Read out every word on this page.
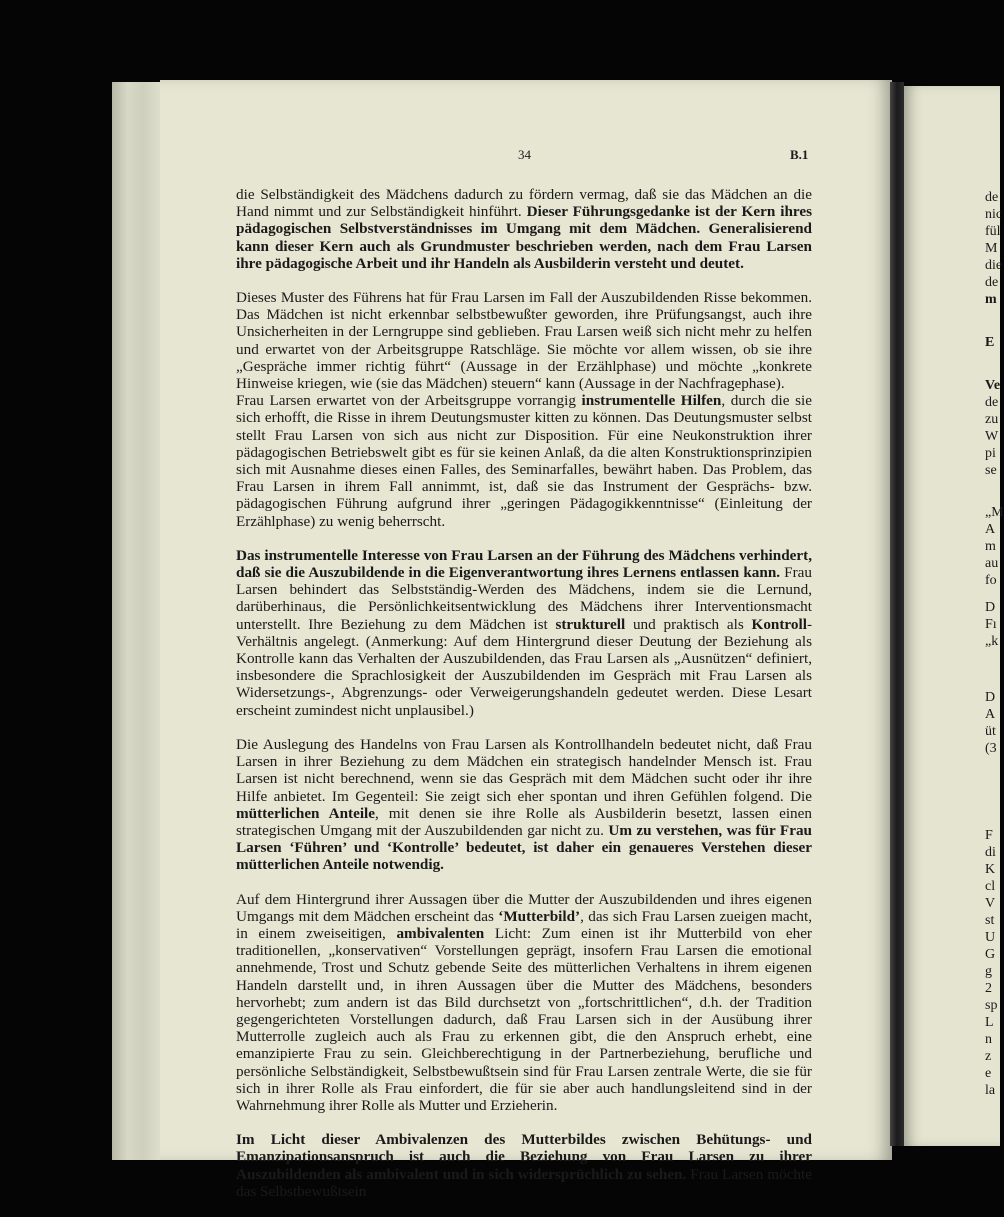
34	B.1

die Selbständigkeit des Mädchens dadurch zu fördern vermag, daß sie das Mädchen an die Hand nimmt und zur Selbständigkeit hinführt. Dieser Führungsgedanke ist der Kern ihres pädagogischen Selbstverständnisses im Umgang mit dem Mädchen. Generalisierend kann dieser Kern auch als Grundmuster beschrieben werden, nach dem Frau Larsen ihre pädagogische Arbeit und ihr Handeln als Ausbilderin versteht und deutet.

Dieses Muster des Führens hat für Frau Larsen im Fall der Auszubildenden Risse bekommen. Das Mädchen ist nicht erkennbar selbstbewußter geworden, ihre Prüfungsangst, auch ihre Unsicherheiten in der Lerngruppe sind geblieben. Frau Larsen weiß sich nicht mehr zu helfen und erwartet von der Arbeitsgruppe Ratschläge. Sie möchte vor allem wissen, ob sie ihre „Gespräche immer richtig führt“ (Aussage in der Erzählphase) und möchte „konkrete Hinweise kriegen, wie (sie das Mädchen) steuern“ kann (Aussage in der Nachfragephase).
Frau Larsen erwartet von der Arbeitsgruppe vorrangig instrumentelle Hilfen, durch die sie sich erhofft, die Risse in ihrem Deutungsmuster kitten zu können. Das Deutungsmuster selbst stellt Frau Larsen von sich aus nicht zur Disposition. Für eine Neukonstruktion ihrer pädagogischen Betriebswelt gibt es für sie keinen Anlaß, da die alten Konstruktionsprinzipien sich mit Ausnahme dieses einen Falles, des Seminarfalles, bewährt haben. Das Problem, das Frau Larsen in ihrem Fall annimmt, ist, daß sie das Instrument der Gesprächs- bzw. pädagogischen Führung aufgrund ihrer „geringen Pädagogikkenntnisse“ (Einleitung der Erzählphase) zu wenig beherrscht.

Das instrumentelle Interesse von Frau Larsen an der Führung des Mädchens verhindert, daß sie die Auszubildende in die Eigenverantwortung ihres Lernens entlassen kann. Frau Larsen behindert das Selbstständig-Werden des Mädchens, indem sie die Lernund, darüberhinaus, die Persönlichkeitsentwicklung des Mädchens ihrer Interventionsmacht unterstellt. Ihre Beziehung zu dem Mädchen ist strukturell und praktisch als Kontroll-Verhältnis angelegt. (Anmerkung: Auf dem Hintergrund dieser Deutung der Beziehung als Kontrolle kann das Verhalten der Auszubildenden, das Frau Larsen als „Ausnützen“ definiert, insbesondere die Sprachlosigkeit der Auszubildenden im Gespräch mit Frau Larsen als Widersetzungs-, Abgrenzungs- oder Verweigerungshandeln gedeutet werden. Diese Lesart erscheint zumindest nicht unplausibel.)

Die Auslegung des Handelns von Frau Larsen als Kontrollhandeln bedeutet nicht, daß Frau Larsen in ihrer Beziehung zu dem Mädchen ein strategisch handelnder Mensch ist. Frau Larsen ist nicht berechnend, wenn sie das Gespräch mit dem Mädchen sucht oder ihr ihre Hilfe anbietet. Im Gegenteil: Sie zeigt sich eher spontan und ihren Gefühlen folgend. Die mütterlichen Anteile, mit denen sie ihre Rolle als Ausbilderin besetzt, lassen einen strategischen Umgang mit der Auszubildenden gar nicht zu. Um zu verstehen, was für Frau Larsen ‘Führen’ und ‘Kontrolle’ bedeutet, ist daher ein genaueres Verstehen dieser mütterlichen Anteile notwendig.

Auf dem Hintergrund ihrer Aussagen über die Mutter der Auszubildenden und ihres eigenen Umgangs mit dem Mädchen erscheint das ‘Mutterbild’, das sich Frau Larsen zueigen macht, in einem zweiseitigen, ambivalenten Licht: Zum einen ist ihr Mutterbild von eher traditionellen, „konservativen“ Vorstellungen geprägt, insofern Frau Larsen die emotional annehmende, Trost und Schutz gebende Seite des mütterlichen Verhaltens in ihrem eigenen Handeln darstellt und, in ihren Aussagen über die Mutter des Mädchens, besonders hervorhebt; zum andern ist das Bild durchsetzt von „fortschrittlichen“, d.h. der Tradition gegengerichteten Vorstellungen dadurch, daß Frau Larsen sich in der Ausübung ihrer Mutterrolle zugleich auch als Frau zu erkennen gibt, die den Anspruch erhebt, eine emanzipierte Frau zu sein. Gleichberechtigung in der Partnerbeziehung, berufliche und persönliche Selbständigkeit, Selbstbewußtsein sind für Frau Larsen zentrale Werte, die sie für sich in ihrer Rolle als Frau einfordert, die für sie aber auch handlungsleitend sind in der Wahrnehmung ihrer Rolle als Mutter und Erzieherin.

Im Licht dieser Ambivalenzen des Mutterbildes zwischen Behütungs- und Emanzipationsanspruch ist auch die Beziehung von Frau Larsen zu ihrer Auszubildenden als ambivalent und in sich widersprüchlich zu sehen. Frau Larsen möchte das Selbstbewußtsein

de
nic
fül
M
die
de
m
E
Ve
de
zu
W
pi
se
„M
A
m
au
fo
D
Fı
„k
D
A
üt
(3
F
di
K
cl
V
st
U
G
g
2
sp
L
n
z
e
la
